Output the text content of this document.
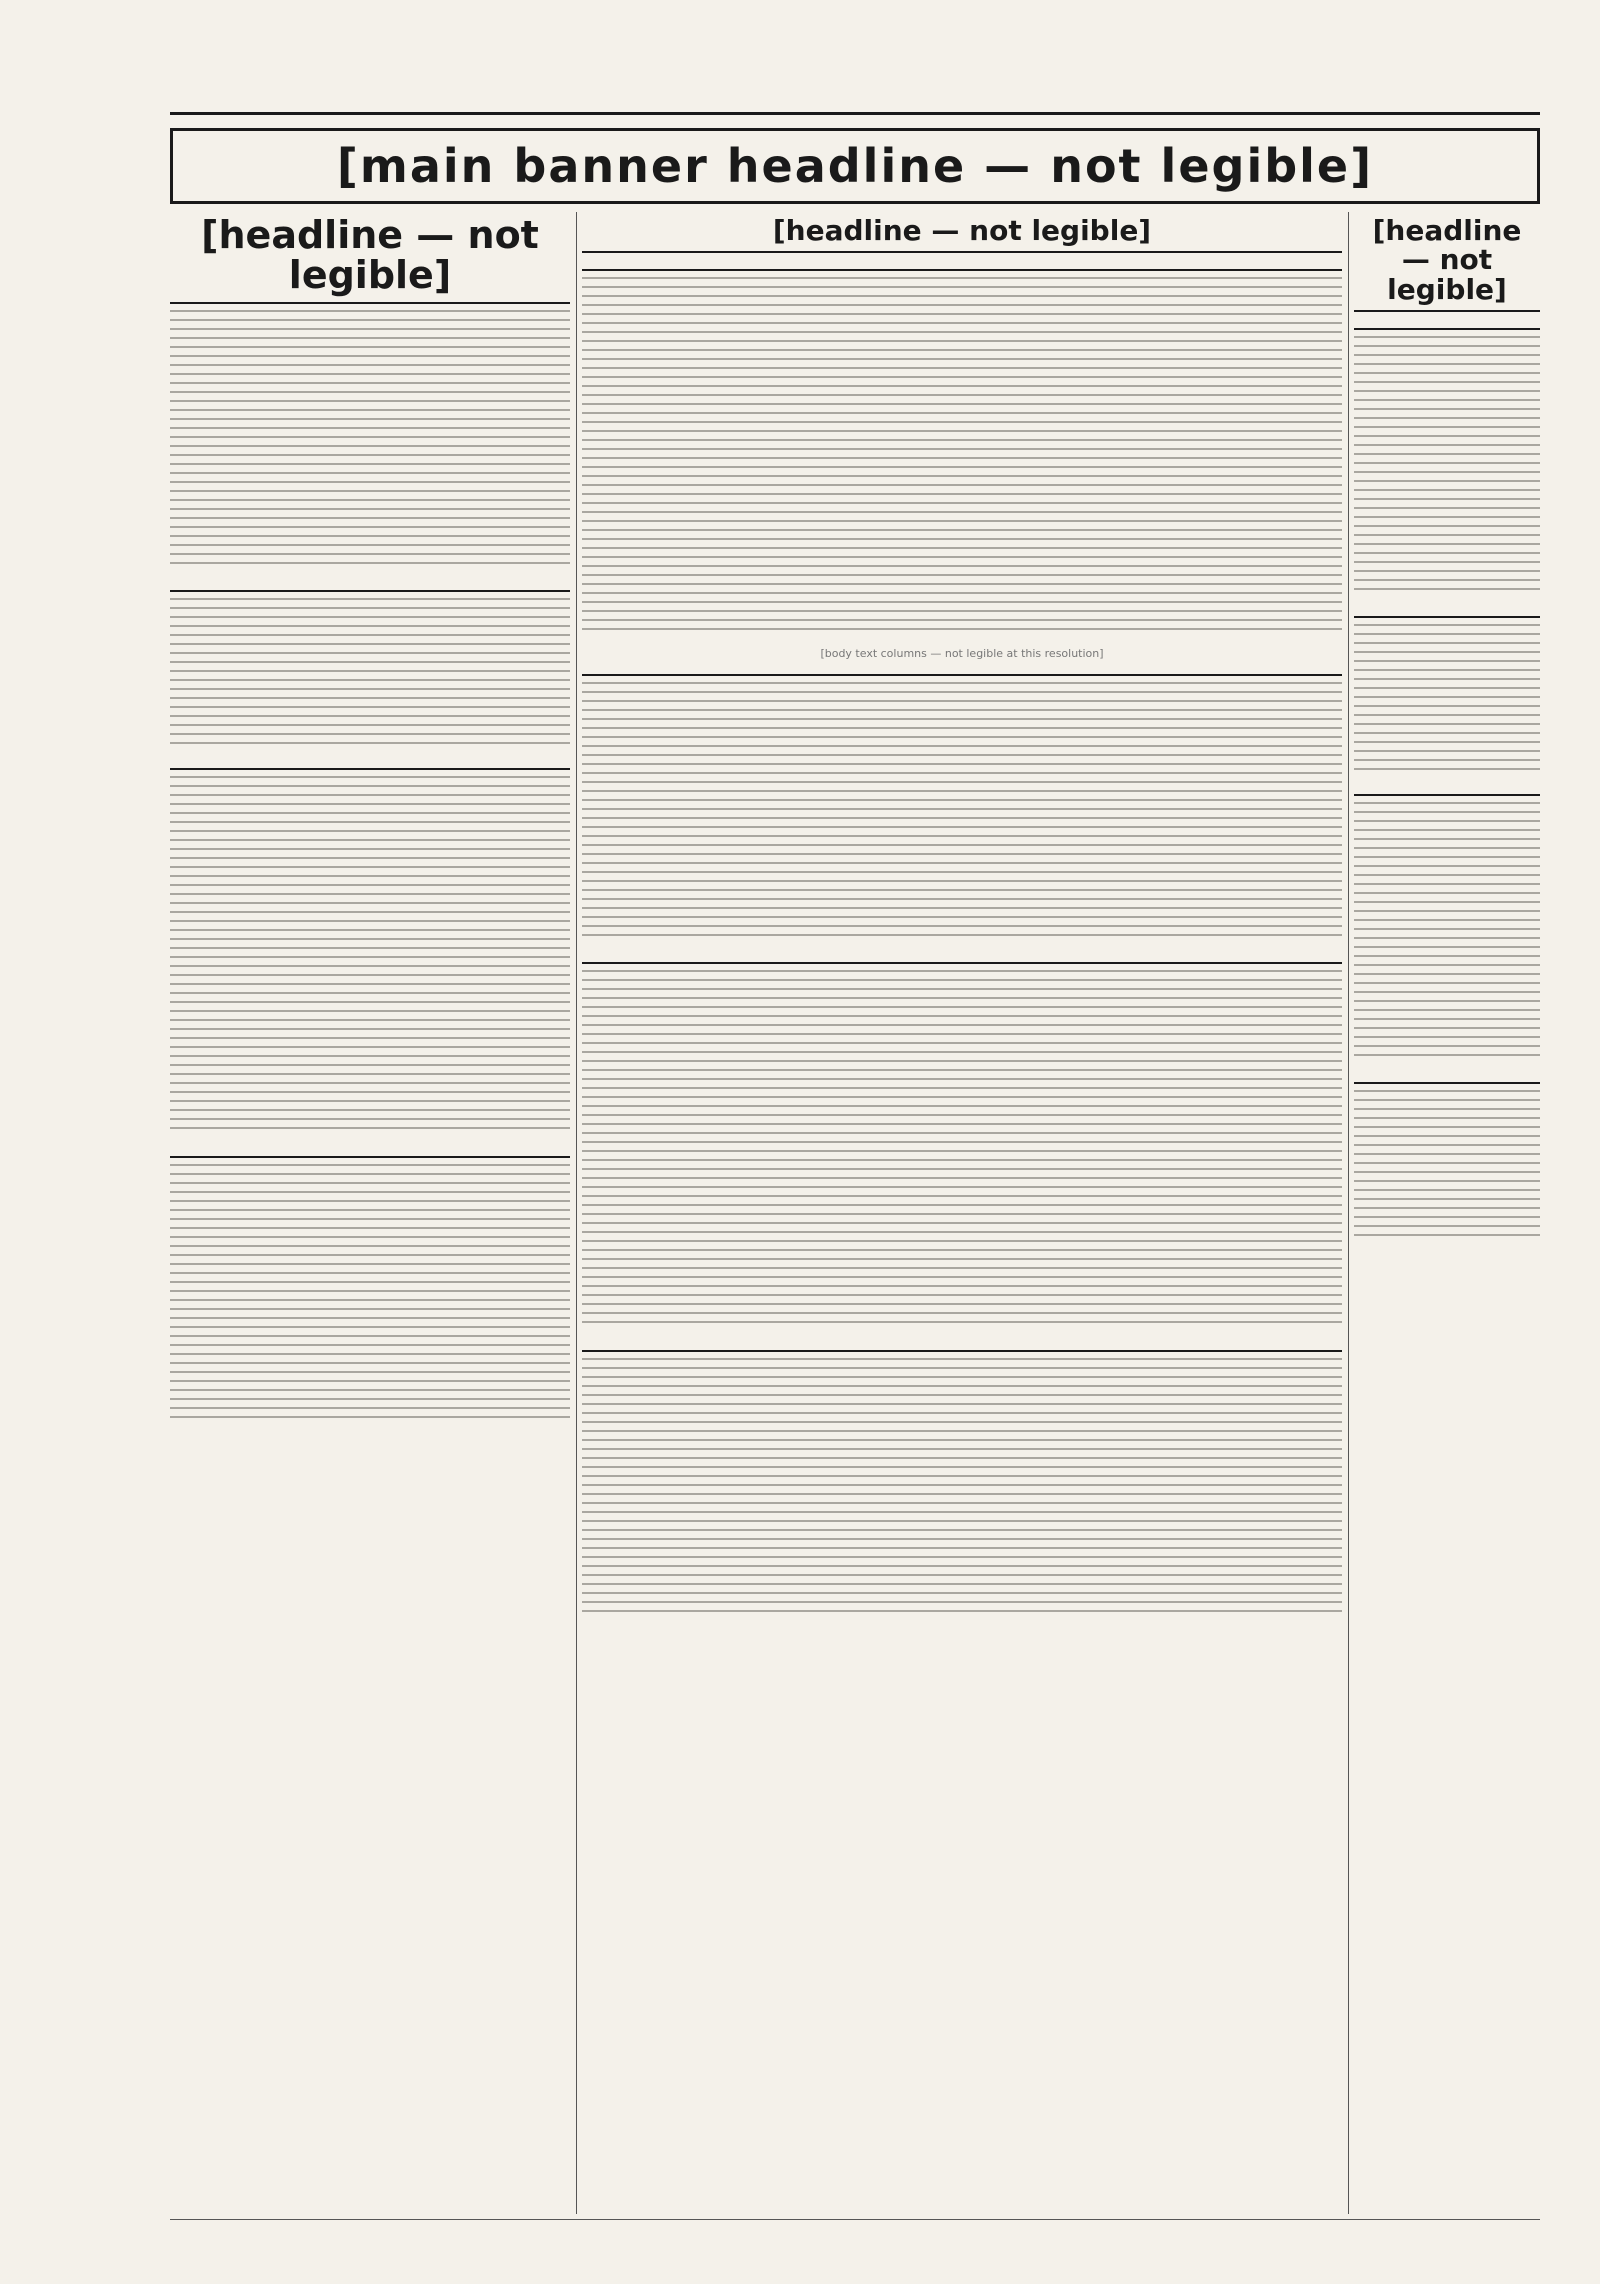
[main banner headline — not legible]
[headline — not legible]
[headline — not legible]
[body text columns — not legible at this resolution]
[headline — not legible]
